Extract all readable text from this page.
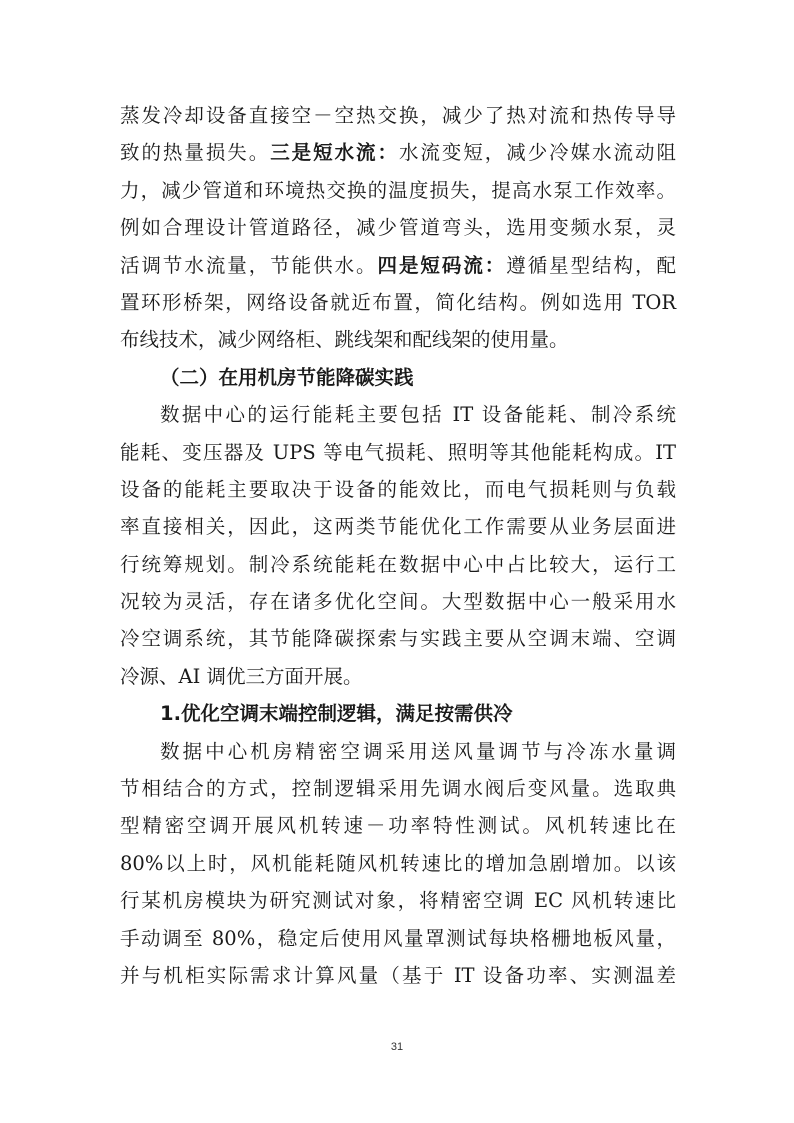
蒸发冷却设备直接空－空热交换，减少了热对流和热传导导
致的热量损失。三是短水流：水流变短，减少冷媒水流动阻
力，减少管道和环境热交换的温度损失，提高水泵工作效率。
例如合理设计管道路径，减少管道弯头，选用变频水泵，灵
活调节水流量，节能供水。四是短码流：遵循星型结构，配
置环形桥架，网络设备就近布置，简化结构。例如选用 TOR
布线技术，减少网络柜、跳线架和配线架的使用量。
（二）在用机房节能降碳实践
数据中心的运行能耗主要包括 IT 设备能耗、制冷系统
能耗、变压器及 UPS 等电气损耗、照明等其他能耗构成。IT
设备的能耗主要取决于设备的能效比，而电气损耗则与负载
率直接相关，因此，这两类节能优化工作需要从业务层面进
行统筹规划。制冷系统能耗在数据中心中占比较大，运行工
况较为灵活，存在诸多优化空间。大型数据中心一般采用水
冷空调系统，其节能降碳探索与实践主要从空调末端、空调
冷源、AI 调优三方面开展。
1.优化空调末端控制逻辑，满足按需供冷
数据中心机房精密空调采用送风量调节与冷冻水量调
节相结合的方式，控制逻辑采用先调水阀后变风量。选取典
型精密空调开展风机转速－功率特性测试。风机转速比在
80%以上时，风机能耗随风机转速比的增加急剧增加。以该
行某机房模块为研究测试对象，将精密空调 EC 风机转速比
手动调至 80%，稳定后使用风量罩测试每块格栅地板风量，
并与机柜实际需求计算风量（基于 IT 设备功率、实测温差
31
